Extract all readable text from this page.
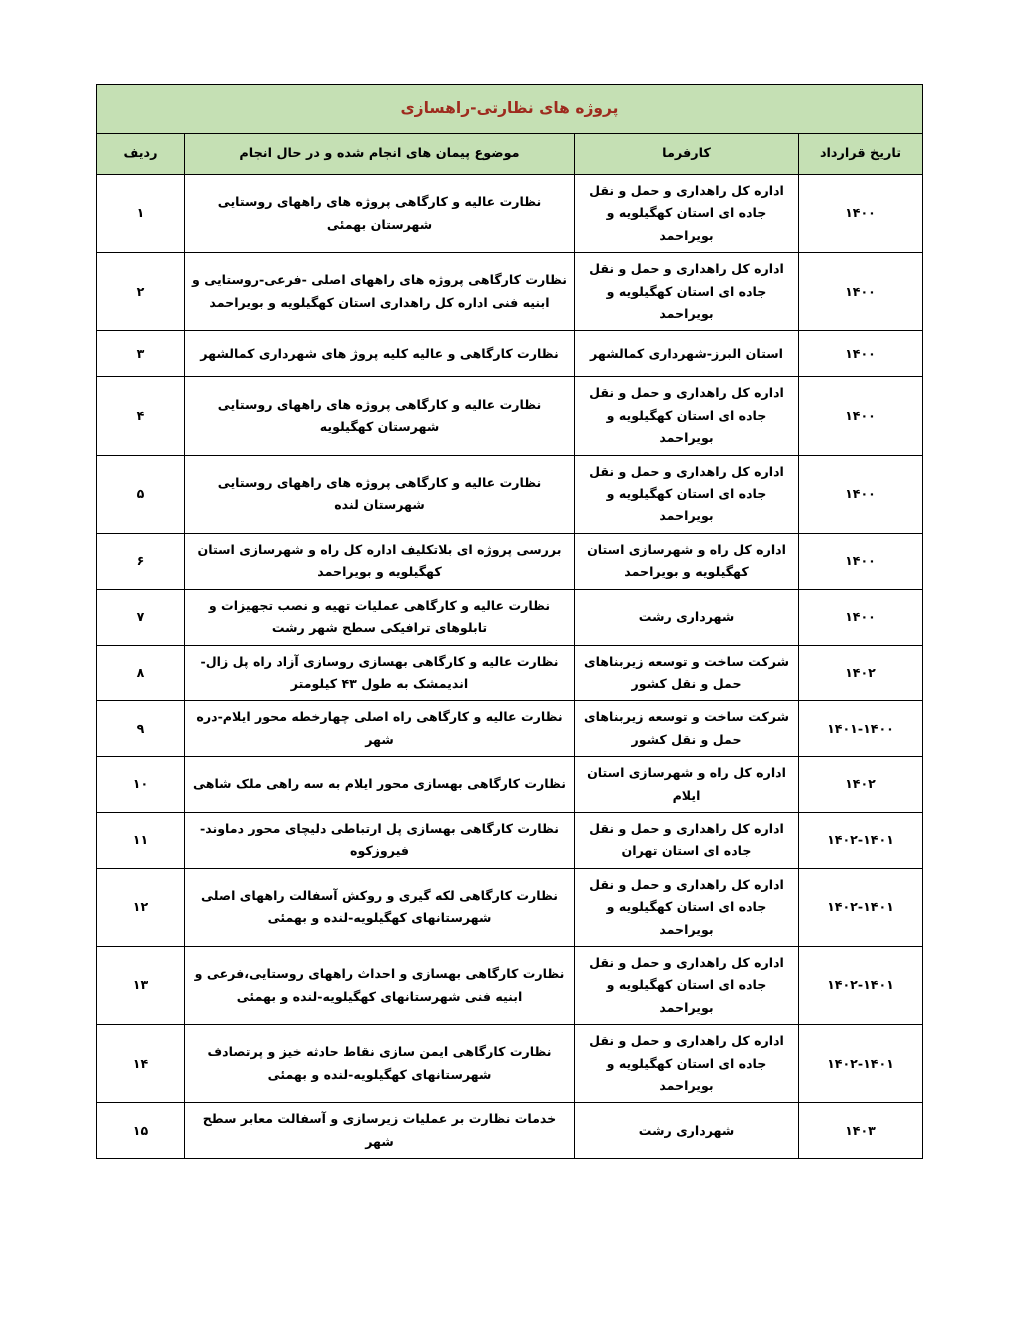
پروژه های نظارتی-راهسازی			

تاریخ قرارداد	کارفرما	موضوع پیمان های انجام شده و در حال انجام	ردیف
۱۴۰۰	اداره کل راهداری و حمل و نقل جاده ای استان کهگیلویه و بویراحمد	نظارت عالیه و کارگاهی پروژه های راههای روستایی شهرستان بهمئی	۱
۱۴۰۰	اداره کل راهداری و حمل و نقل جاده ای استان کهگیلویه و بویراحمد	نظارت کارگاهی پروژه های راههای اصلی -فرعی-روستایی و ابنیه فنی اداره کل راهداری استان کهگیلویه و بویراحمد	۲
۱۴۰۰	استان البرز-شهرداری کمالشهر	نظارت کارگاهی و عالیه کلیه پروژ های شهرداری کمالشهر	۳
۱۴۰۰	اداره کل راهداری و حمل و نقل جاده ای استان کهگیلویه و بویراحمد	نظارت عالیه و کارگاهی پروژه های راههای روستایی شهرستان کهگیلویه	۴
۱۴۰۰	اداره کل راهداری و حمل و نقل جاده ای استان کهگیلویه و بویراحمد	نظارت عالیه و کارگاهی پروژه های راههای روستایی شهرستان لنده	۵
۱۴۰۰	اداره کل راه و شهرسازی استان کهگیلویه و بویراحمد	بررسی پروژه ای بلاتکلیف اداره کل راه و شهرسازی استان کهگیلویه و بویراحمد	۶
۱۴۰۰	شهرداری رشت	نظارت عالیه و کارگاهی عملیات تهیه و نصب تجهیزات و تابلوهای ترافیکی سطح شهر رشت	۷
۱۴۰۲	شرکت ساخت و توسعه زیربناهای حمل و نقل کشور	نظارت عالیه و کارگاهی بهسازی روسازی آزاد راه پل زال-اندیمشک به طول ۴۳ کیلومتر	۸
۱۴۰۱-۱۴۰۰	شرکت ساخت و توسعه زیربناهای حمل و نقل کشور	نظارت عالیه و کارگاهی راه اصلی چهارخطه محور ایلام-دره شهر	۹
۱۴۰۲	اداره کل راه و شهرسازی استان ایلام	نظارت کارگاهی بهسازی محور ایلام به سه راهی ملک شاهی	۱۰
۱۴۰۲-۱۴۰۱	اداره کل راهداری و حمل و نقل جاده ای استان تهران	نظارت کارگاهی بهسازی پل ارتباطی دلیچای محور دماوند-فیروزکوه	۱۱
۱۴۰۲-۱۴۰۱	اداره کل راهداری و حمل و نقل جاده ای استان کهگیلویه و بویراحمد	نظارت کارگاهی لکه گیری و روکش آسفالت راههای اصلی شهرستانهای کهگیلویه-لنده و بهمئی	۱۲
۱۴۰۲-۱۴۰۱	اداره کل راهداری و حمل و نقل جاده ای استان کهگیلویه و بویراحمد	نظارت کارگاهی بهسازی و احداث راههای روستایی،فرعی و ابنیه فنی شهرستانهای کهگیلویه-لنده و بهمئی	۱۳
۱۴۰۲-۱۴۰۱	اداره کل راهداری و حمل و نقل جاده ای استان کهگیلویه و بویراحمد	نظارت کارگاهی ایمن سازی نقاط حادثه خیز و پرتصادف شهرستانهای کهگیلویه-لنده و بهمئی	۱۴
۱۴۰۳	شهرداری رشت	خدمات نظارت بر عملیات زیرسازی و آسفالت معابر سطح شهر	۱۵
